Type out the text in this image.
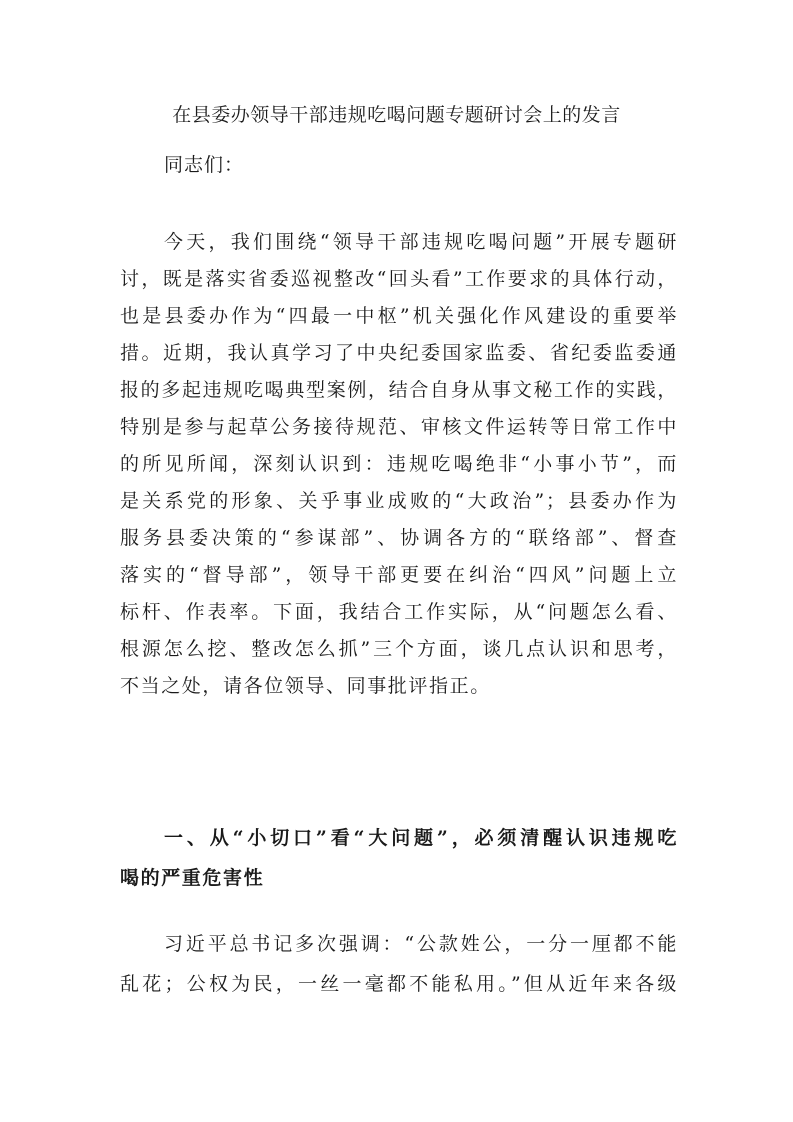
在县委办领导干部违规吃喝问题专题研讨会上的发言
同志们：
今天，我们围绕“领导干部违规吃喝问题”开展专题研
讨，既是落实省委巡视整改“回头看”工作要求的具体行动，
也是县委办作为“四最一中枢”机关强化作风建设的重要举
措。近期，我认真学习了中央纪委国家监委、省纪委监委通
报的多起违规吃喝典型案例，结合自身从事文秘工作的实践，
特别是参与起草公务接待规范、审核文件运转等日常工作中
的所见所闻，深刻认识到：违规吃喝绝非“小事小节”，而
是关系党的形象、关乎事业成败的“大政治”；县委办作为
服务县委决策的“参谋部”、协调各方的“联络部”、督查
落实的“督导部”，领导干部更要在纠治“四风”问题上立
标杆、作表率。下面，我结合工作实际，从“问题怎么看、
根源怎么挖、整改怎么抓”三个方面，谈几点认识和思考，
不当之处，请各位领导、同事批评指正。
一、从“小切口”看“大问题”，必须清醒认识违规吃
喝的严重危害性
习近平总书记多次强调：“公款姓公，一分一厘都不能
乱花；公权为民，一丝一毫都不能私用。”但从近年来各级
